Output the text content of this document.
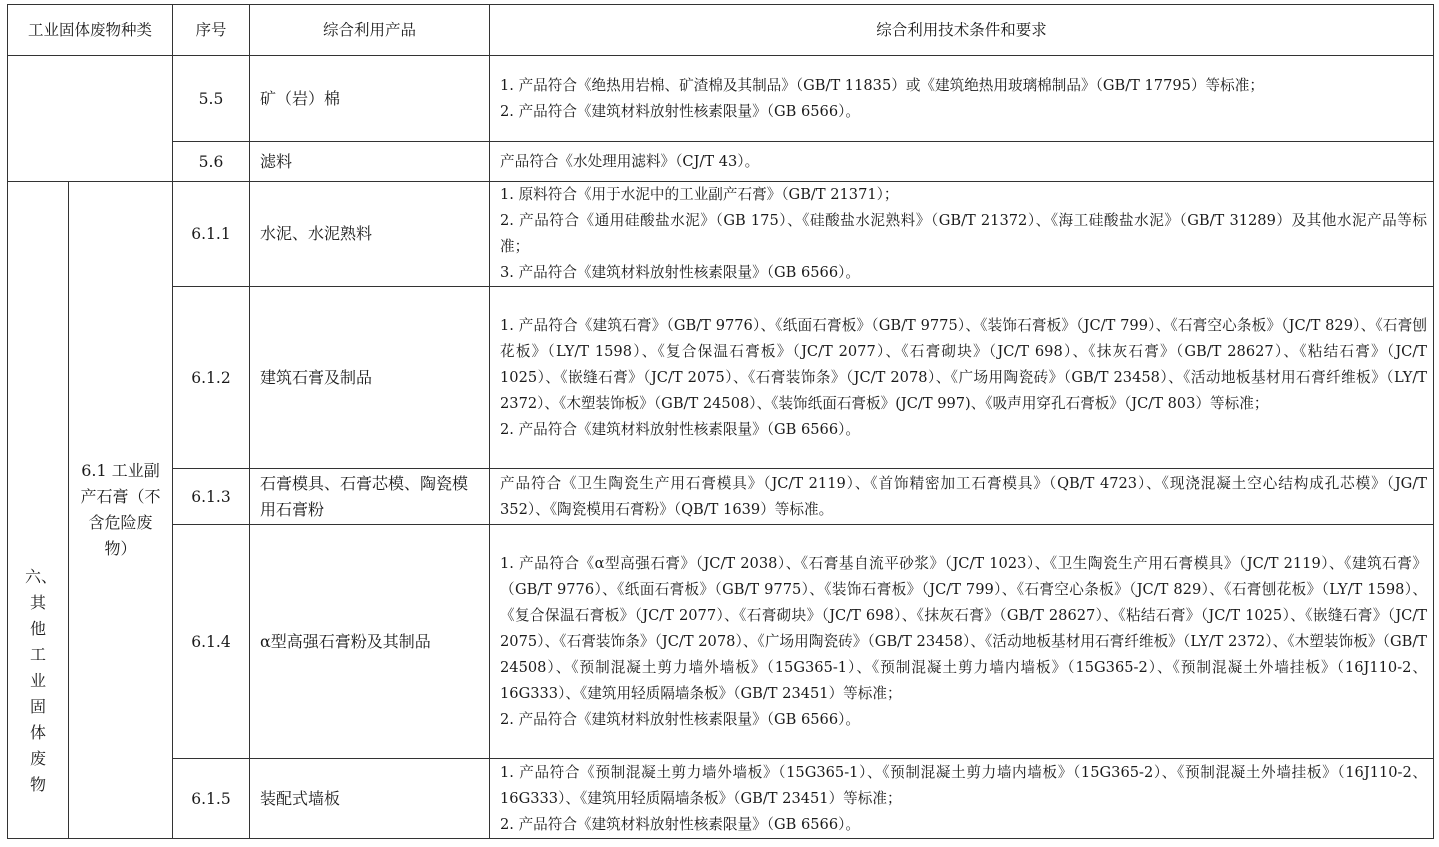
工业固体废物种类		序号	综合利用产品	综合利用技术条件和要求
		5.5	矿（岩）棉	1. 产品符合《绝热用岩棉、矿渣棉及其制品》（GB/T 11835）或《建筑绝热用玻璃棉制品》（GB/T 17795）等标准；
2. 产品符合《建筑材料放射性核素限量》（GB 6566）。

		5.6	滤料	产品符合《水处理用滤料》（CJ/T 43）。

六、其他工业固体废物	6.1 工业副产石膏（不含危险废物）	6.1.1	水泥、水泥熟料	1. 原料符合《用于水泥中的工业副产石膏》（GB/T 21371）；
2. 产品符合《通用硅酸盐水泥》（GB 175）、《硅酸盐水泥熟料》（GB/T 21372）、《海工硅酸盐水泥》（GB/T 31289）及其他水泥产品等标准；
3. 产品符合《建筑材料放射性核素限量》（GB 6566）。

		6.1.2	建筑石膏及制品	1. 产品符合《建筑石膏》（GB/T 9776）、《纸面石膏板》（GB/T 9775）、《装饰石膏板》（JC/T 799）、《石膏空心条板》（JC/T 829）、《石膏刨花板》（LY/T 1598）、《复合保温石膏板》（JC/T 2077）、《石膏砌块》（JC/T 698）、《抹灰石膏》（GB/T 28627）、《粘结石膏》（JC/T 1025）、《嵌缝石膏》（JC/T 2075）、《石膏装饰条》（JC/T 2078）、《广场用陶瓷砖》（GB/T 23458）、《活动地板基材用石膏纤维板》（LY/T 2372）、《木塑装饰板》（GB/T 24508）、《装饰纸面石膏板》(JC/T 997)、《吸声用穿孔石膏板》（JC/T 803）等标准；
2. 产品符合《建筑材料放射性核素限量》（GB 6566）。

		6.1.3	石膏模具、石膏芯模、陶瓷模用石膏粉	产品符合《卫生陶瓷生产用石膏模具》（JC/T 2119）、《首饰精密加工石膏模具》（QB/T 4723）、《现浇混凝土空心结构成孔芯模》（JG/T 352）、《陶瓷模用石膏粉》（QB/T 1639）等标准。

		6.1.4	α型高强石膏粉及其制品	1. 产品符合《α型高强石膏》（JC/T 2038）、《石膏基自流平砂浆》（JC/T 1023）、《卫生陶瓷生产用石膏模具》（JC/T 2119）、《建筑石膏》（GB/T 9776）、《纸面石膏板》（GB/T 9775）、《装饰石膏板》（JC/T 799）、《石膏空心条板》（JC/T 829）、《石膏刨花板》（LY/T 1598）、《复合保温石膏板》（JC/T 2077）、《石膏砌块》（JC/T 698）、《抹灰石膏》（GB/T 28627）、《粘结石膏》（JC/T 1025）、《嵌缝石膏》（JC/T 2075）、《石膏装饰条》（JC/T 2078）、《广场用陶瓷砖》（GB/T 23458）、《活动地板基材用石膏纤维板》（LY/T 2372）、《木塑装饰板》（GB/T 24508）、《预制混凝土剪力墙外墙板》（15G365-1）、《预制混凝土剪力墙内墙板》（15G365-2）、《预制混凝土外墙挂板》（16J110-2、16G333）、《建筑用轻质隔墙条板》（GB/T 23451）等标准；
2. 产品符合《建筑材料放射性核素限量》（GB 6566）。

		6.1.5	装配式墙板	1. 产品符合《预制混凝土剪力墙外墙板》（15G365-1）、《预制混凝土剪力墙内墙板》（15G365-2）、《预制混凝土外墙挂板》（16J110-2、16G333）、《建筑用轻质隔墙条板》（GB/T 23451）等标准；
2. 产品符合《建筑材料放射性核素限量》（GB 6566）。
